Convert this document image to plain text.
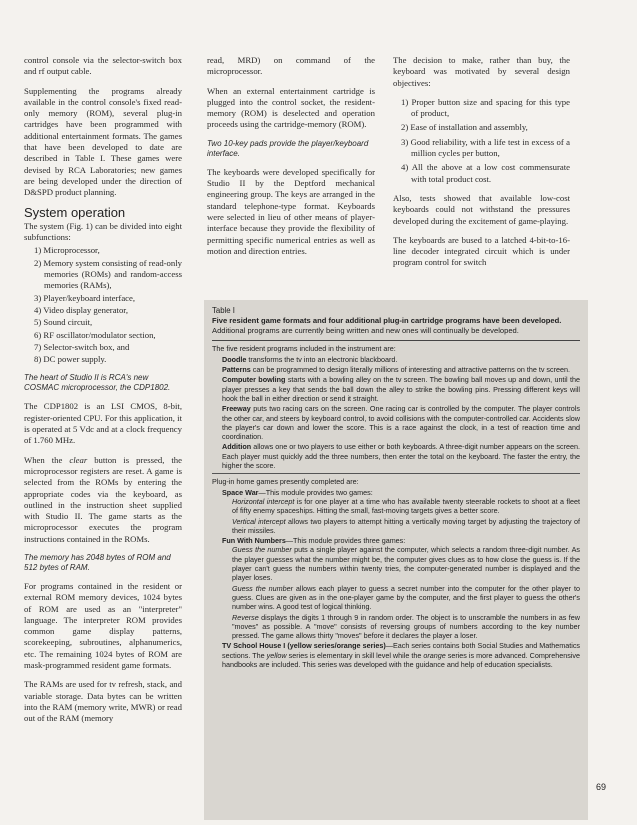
control console via the selector-switch box and rf output cable.

Supplementing the programs already available in the control console's fixed read-only memory (ROM), several plug-in cartridges have been programmed with additional entertainment formats. The games that have been developed to date are described in Table I. These games were devised by RCA Laboratories; new games are being developed under the direction of D&SPD product planning.

System operation

The system (Fig. 1) can be divided into eight subfunctions:

1) Microprocessor,
2) Memory system consisting of read-only memories (ROMs) and random-access memories (RAMs),
3) Player/keyboard interface,
4) Video display generator,
5) Sound circuit,
6) RF oscillator/modulator section,
7) Selector-switch box, and
8) DC power supply.

The heart of Studio II is RCA's new COSMAC microprocessor, the CDP1802.

The CDP1802 is an LSI CMOS, 8-bit, register-oriented CPU. For this application, it is operated at 5 Vdc and at a clock frequency of 1.760 MHz.

When the clear button is pressed, the microprocessor registers are reset. A game is selected from the ROMs by entering the appropriate codes via the keyboard, as outlined in the instruction sheet supplied with Studio II. The game starts as the microprocessor executes the program instructions contained in the ROMs.

The memory has 2048 bytes of ROM and 512 bytes of RAM.

For programs contained in the resident or external ROM memory devices, 1024 bytes of ROM are used as an "interpreter" language. The interpreter ROM provides common game display patterns, scorekeeping, subroutines, alphanumerics, etc. The remaining 1024 bytes of ROM are mask-programmed resident game formats.

The RAMs are used for tv refresh, stack, and variable storage. Data bytes can be written into the RAM (memory write, MWR) or read out of the RAM (memory

read, MRD) on command of the microprocessor.

When an external entertainment cartridge is plugged into the control socket, the resident-memory (ROM) is deselected and operation proceeds using the cartridge-memory (ROM).

Two 10-key pads provide the player/keyboard interface.

The keyboards were developed specifically for Studio II by the Deptford mechanical engineering group. The keys are arranged in the standard telephone-type format. Keyboards were selected in lieu of other means of player-interface because they provide the flexibility of permitting specific numerical entries as well as motion and direction entries.

The decision to make, rather than buy, the keyboard was motivated by several design objectives:

1) Proper button size and spacing for this type of product,
2) Ease of installation and assembly,
3) Good reliability, with a life test in excess of a million cycles per button,
4) All the above at a low cost commensurate with total product cost.

Also, tests showed that available low-cost keyboards could not withstand the pressures developed during the excitement of game-playing.

The keyboards are bused to a latched 4-bit-to-16-line decoder integrated circuit which is under program control for switch

Table I
Five resident game formats and four additional plug-in cartridge programs have been developed. Additional programs are currently being written and new ones will continually be developed.
The five resident programs included in the instrument are:
Doodle transforms the tv into an electronic blackboard.
Patterns can be programmed to design literally millions of interesting and attractive patterns on the tv screen.
Computer bowling starts with a bowling alley on the tv screen. The bowling ball moves up and down, until the player presses a key that sends the ball down the alley to strike the bowling pins. Pressing different keys will hook the ball in either direction or send it straight.
Freeway puts two racing cars on the screen. One racing car is controlled by the computer. The player controls the other car, and steers by keyboard control, to avoid collisions with the computer-controlled car. Accidents slow the player's car down and lower the score. This is a race against the clock, in a test of reaction time and coordination.
Addition allows one or two players to use either or both keyboards. A three-digit number appears on the screen. Each player must quickly add the three numbers, then enter the total on the keyboard. The faster the entry, the higher the score.
Plug-in home games presently completed are:
Space War—This module provides two games:
Horizontal intercept is for one player at a time who has available twenty steerable rockets to shoot at a fleet of fifty enemy spaceships. Hitting the small, fast-moving targets gives a better score.
Vertical intercept allows two players to attempt hitting a vertically moving target by adjusting the trajectory of their missiles.
Fun With Numbers—This module provides three games:
Guess the number puts a single player against the computer, which selects a random three-digit number. As the player guesses what the number might be, the computer gives clues as to how close the guess is. If the player can't guess the numbers within twenty tries, the computer-generated number is displayed and the player loses.
Guess the number allows each player to guess a secret number into the computer for the other player to guess. Clues are given as in the one-player game by the computer, and the first player to guess the other's number wins. A good test of logical thinking.
Reverse displays the digits 1 through 9 in random order. The object is to unscramble the numbers in as few "moves" as possible. A "move" consists of reversing groups of numbers according to the key number pressed. The game allows thirty "moves" before it declares the player a loser.
TV School House I (yellow series/orange series)—Each series contains both Social Studies and Mathematics sections. The yellow series is elementary in skill level while the orange series is more advanced. Comprehensive handbooks are included. This series was developed with the guidance and help of education specialists.
69
